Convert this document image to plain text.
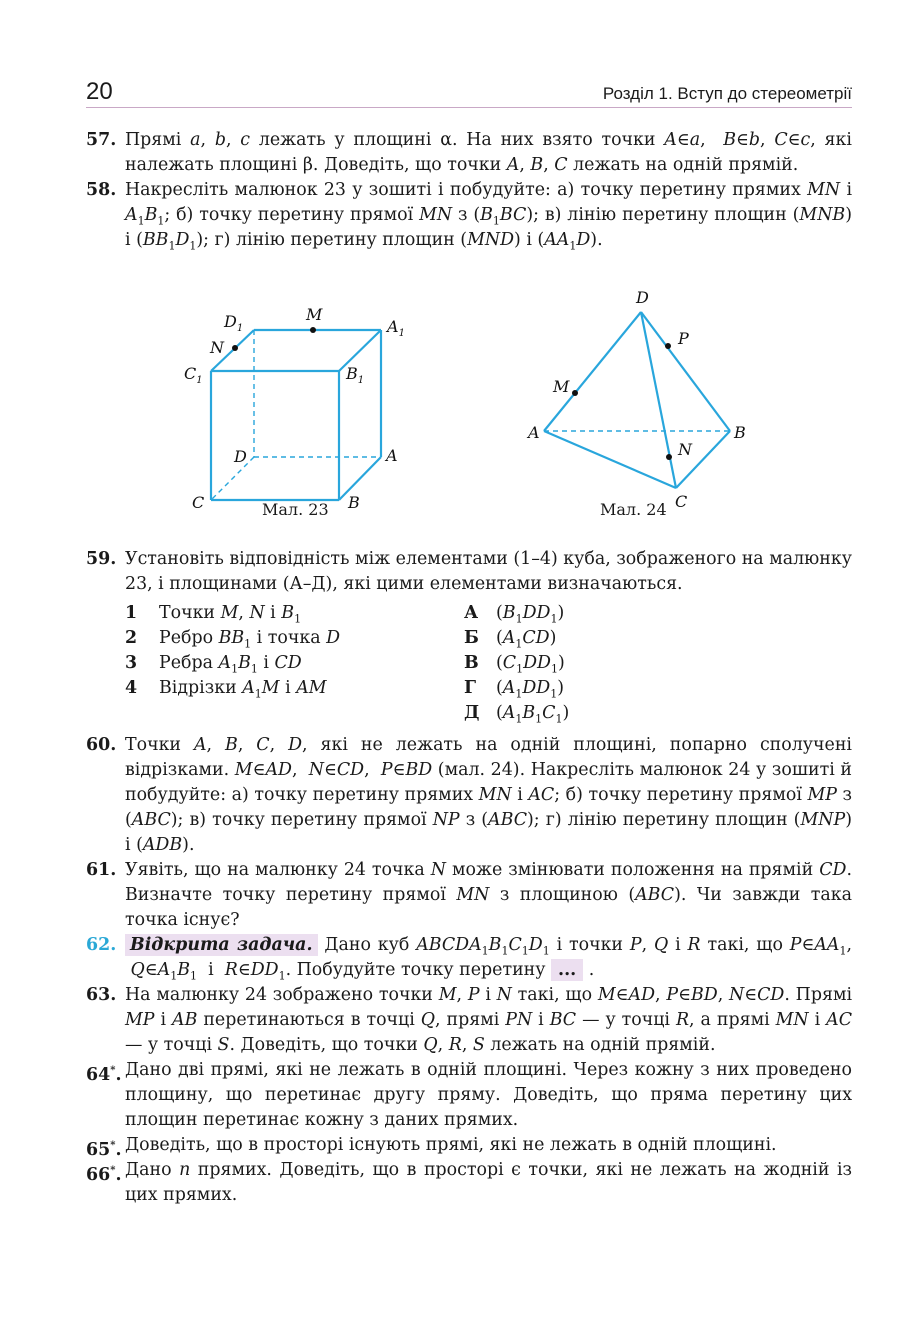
20	Розділ 1. Вступ до стереометрії
57. Прямі a, b, c лежать у площині α. На них взято точки A∈a,  B∈b, C∈c, які належать площині β. Доведіть, що точки A, B, C лежать на одній прямій.
58. Накресліть малюнок 23 у зошиті і побудуйте: а) точку перетину прямих MN і $A_1B_1$; б) точку перетину прямої MN з $(B_1BC)$; в) лінію перетину площин (MNB) і $(BB_1D_1)$; г) лінію перетину площин (MND) і $(AA_1D)$.
M
$D_1$
N
$C_1$
$A_1$
$B_1$
D	A
C	B
Мал. 23
D
P
M
A	B
N
C
Мал. 24
59. Установіть відповідність між елементами (1–4) куба, зображеного на малюнку 23, і площинами (А–Д), які цими елементами визначаються.
1 Точки M, N і $B_1$
2 Ребро $BB_1$ і точка D
3 Ребра $A_1B_1$ і CD
4 Відрізки $A_1M$ і AM
А $(B_1DD_1)$
Б $(A_1CD)$
В $(C_1DD_1)$
Г $(A_1DD_1)$
Д $(A_1B_1C_1)$
60. Точки A, B, C, D, які не лежать на одній площині, попарно сполучені відрізками. M∈AD,  N∈CD,  P∈BD (мал. 24). Накресліть малюнок 24 у зошиті й побудуйте: а) точку перетину прямих MN і AC; б) точку перетину прямої MP з (ABC); в) точку перетину прямої NP з (ABC); г) лінію перетину площин (MNP) і (ADB).
61. Уявіть, що на малюнку 24 точка N може змінювати положення на прямій CD. Визначте точку перетину прямої MN з площиною (ABC). Чи завжди така точка існує?
62. Відкрита задача. Дано куб $ABCDA_1B_1C_1D_1$ і точки P, Q і R такі, що $P\in AA_1$,  $Q\in A_1B_1$  і  $R\in DD_1$. Побудуйте точку перетину ... .
63. На малюнку 24 зображено точки M, P і N такі, що M∈AD, P∈BD, N∈CD. Прямі MP і AB перетинаються в точці Q, прямі PN і BC — у точці R, а прямі MN і AC — у точці S. Доведіть, що точки Q, R, S лежать на одній прямій.
64*. Дано дві прямі, які не лежать в одній площині. Через кожну з них проведено площину, що перетинає другу пряму. Доведіть, що пряма перетину цих площин перетинає кожну з даних прямих.
65*. Доведіть, що в просторі існують прямі, які не лежать в одній площині.
66*. Дано n прямих. Доведіть, що в просторі є точки, які не лежать на жодній із цих прямих.
